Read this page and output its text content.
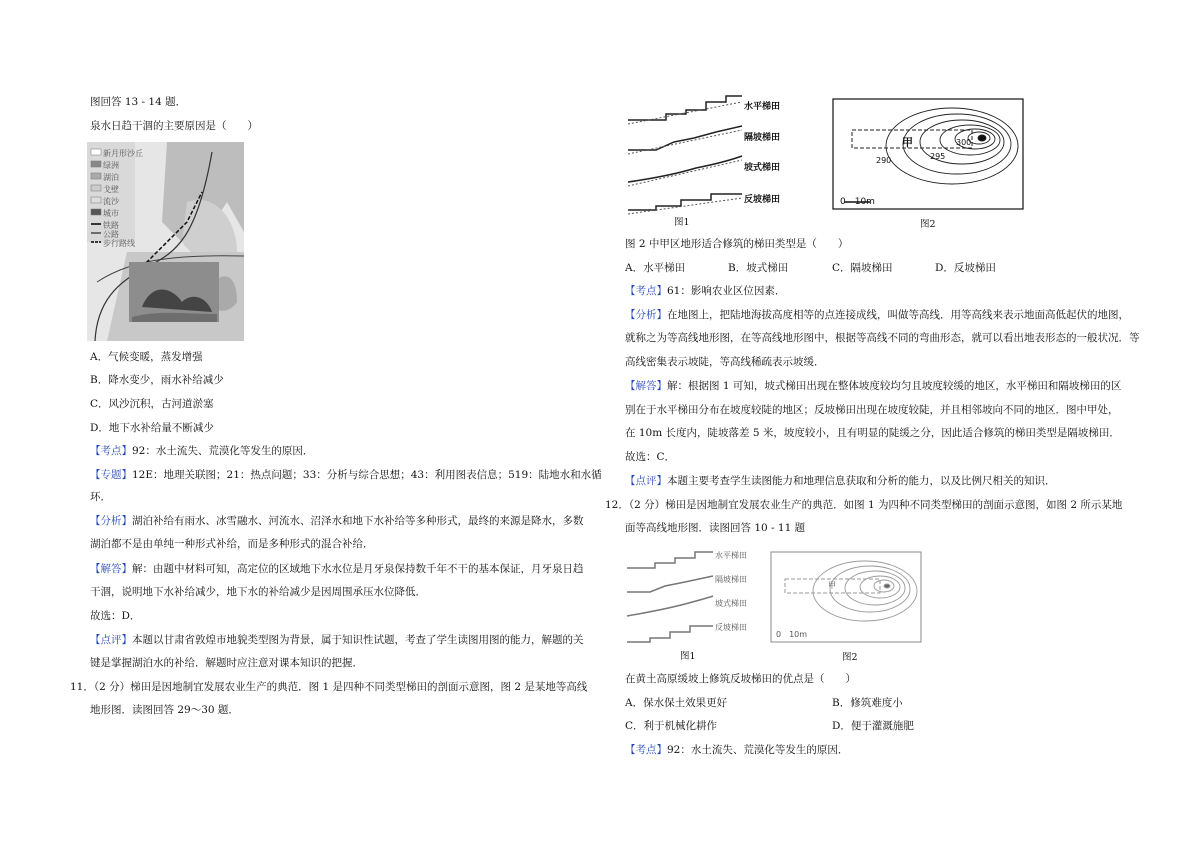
图回答 13 - 14 题．
泉水日趋干涸的主要原因是（　　）
新月形沙丘
绿洲
湖泊
戈壁
流沙
城市
铁路
公路
步行路线
A．气候变暖，蒸发增强
B．降水变少，雨水补给减少
C．风沙沉积，古河道淤塞
D．地下水补给量不断减少
【考点】92：水土流失、荒漠化等发生的原因．
【专题】12E：地理关联图；21：热点问题；33：分析与综合思想；43：利用图表信息；519：陆地水和水循
环．
【分析】湖泊补给有雨水、冰雪融水、河流水、沼泽水和地下水补给等多种形式，最终的来源是降水，多数
湖泊都不是由单纯一种形式补给，而是多种形式的混合补给．
【解答】解：由题中材料可知，高定位的区域地下水水位是月牙泉保持数千年不干的基本保证，月牙泉日趋
干涸，说明地下水补给减少，地下水的补给减少是因周围承压水位降低．
故选：D．
【点评】本题以甘肃省敦煌市地貌类型图为背景，属于知识性试题，考查了学生读图用图的能力，解题的关
键是掌握湖泊水的补给．解题时应注意对课本知识的把握．
11．（2 分）梯田是因地制宜发展农业生产的典范．图 1 是四种不同类型梯田的剖面示意图，图 2 是某地等高线
地形图．读图回答 29～30 题．
水平梯田
隔坡梯田
坡式梯田
反坡梯田
图1
甲
290	295
300
0　10m
图2
图 2 中甲区地形适合修筑的梯田类型是（　　）
A．水平梯田	B．坡式梯田	C．隔坡梯田	D．反坡梯田
【考点】61：影响农业区位因素．
【分析】在地图上，把陆地海拔高度相等的点连接成线，叫做等高线．用等高线来表示地面高低起伏的地图，
就称之为等高线地形图，在等高线地形图中，根据等高线不同的弯曲形态，就可以看出地表形态的一般状况．等
高线密集表示坡陡，等高线稀疏表示坡缓．
【解答】解：根据图 1 可知，坡式梯田出现在整体坡度较均匀且坡度较缓的地区，水平梯田和隔坡梯田的区
别在于水平梯田分布在坡度较陡的地区；反坡梯田出现在坡度较陡，并且相邻坡向不同的地区．图中甲处，
在 10m 长度内，陡坡落差 5 米，坡度较小，且有明显的陡缓之分，因此适合修筑的梯田类型是隔坡梯田．
故选：C．
【点评】本题主要考查学生读图能力和地理信息获取和分析的能力，以及比例尺相关的知识．
12．（2 分）梯田是因地制宜发展农业生产的典范．如图 1 为四种不同类型梯田的剖面示意图，如图 2 所示某地
面等高线地形图．读图回答 10 - 11 题
水平梯田
隔坡梯田
坡式梯田
反坡梯田
图1
甲
0　10m
图2
在黄土高原缓坡上修筑反坡梯田的优点是（　　）
A．保水保土效果更好	B．修筑难度小
C．利于机械化耕作	D．便于灌溉施肥
【考点】92：水土流失、荒漠化等发生的原因．
